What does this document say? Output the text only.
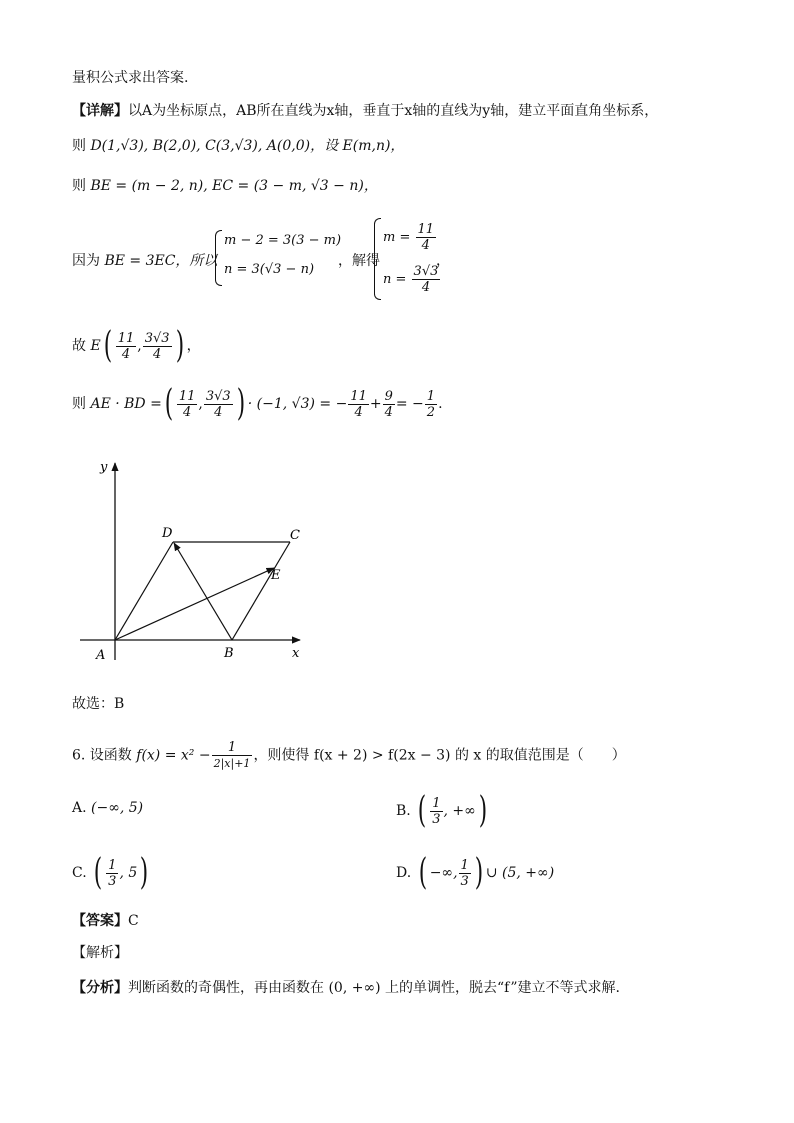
量积公式求出答案.
【详解】以A为坐标原点，AB所在直线为x轴，垂直于x轴的直线为y轴，建立平面直角坐标系，
则 D(1,√3), B(2,0), C(3,√3), A(0,0)，设 E(m,n)，
则 BE = (m − 2, n), EC = (3 − m, √3 − n)，
因为 BE = 3EC，所以
m − 2 = 3(3 − m)
n = 3(√3 − n)
，解得
$m = \frac{11}{4}$
$n = \frac{3√3}{4}$
，
故 $E( \frac{11}{4}$ , $\frac{3√3}{4}$ ) ，
则 AE · BD =( $\frac{11}{4}$ , $\frac{3√3}{4}$ ) · (−1, √3) = − $\frac{11}{4} + \frac{9}{4}$ = − $\frac{1}{2}$ .
y
x
A	B
C
D
E
故选：B
6. 设函数 $f(x) = x^2 - \frac{1}{2|x|+1}$ ，则使得 f(x + 2) > f(2x − 3) 的 x 的取值范围是（　　）
A. (−∞, 5)	B. ( $\frac{1}{3}$ , +∞)
C. ( $\frac{1}{3}$ , 5)	D. ( −∞, $\frac{1}{3}$ ) ∪ (5, +∞)
【答案】C
【解析】
【分析】判断函数的奇偶性，再由函数在 (0, +∞) 上的单调性，脱去“f”建立不等式求解.
